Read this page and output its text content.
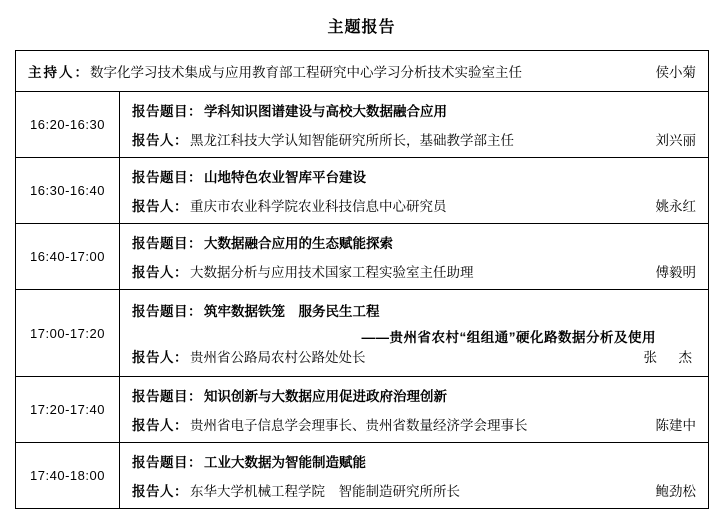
主题报告
主持人：数字化学习技术集成与应用教育部工程研究中心学习分析技术实验室主任 侯小菊	

16:20-16:30	报告题目： 学科知识图谱建设与高校大数据融合应用
报告人： 黑龙江科技大学认知智能研究所所长，基础教学部主任 刘兴丽

16:30-16:40	报告题目： 山地特色农业智库平台建设
报告人： 重庆市农业科学院农业科技信息中心研究员 姚永红

16:40-17:00	报告题目： 大数据融合应用的生态赋能探索
报告人： 大数据分析与应用技术国家工程实验室主任助理 傅毅明

17:00-17:20	
报告题目： 筑牢数据铁笼　服务民生工程
——贵州省农村“组组通”硬化路数据分析及使用
报告人： 贵州省公路局农村公路处处长	张　杰

17:20-17:40	报告题目： 知识创新与大数据应用促进政府治理创新
报告人： 贵州省电子信息学会理事长、贵州省数量经济学会理事长 陈建中

17:40-18:00	报告题目： 工业大数据为智能制造赋能
报告人： 东华大学机械工程学院　智能制造研究所所长 鲍劲松
